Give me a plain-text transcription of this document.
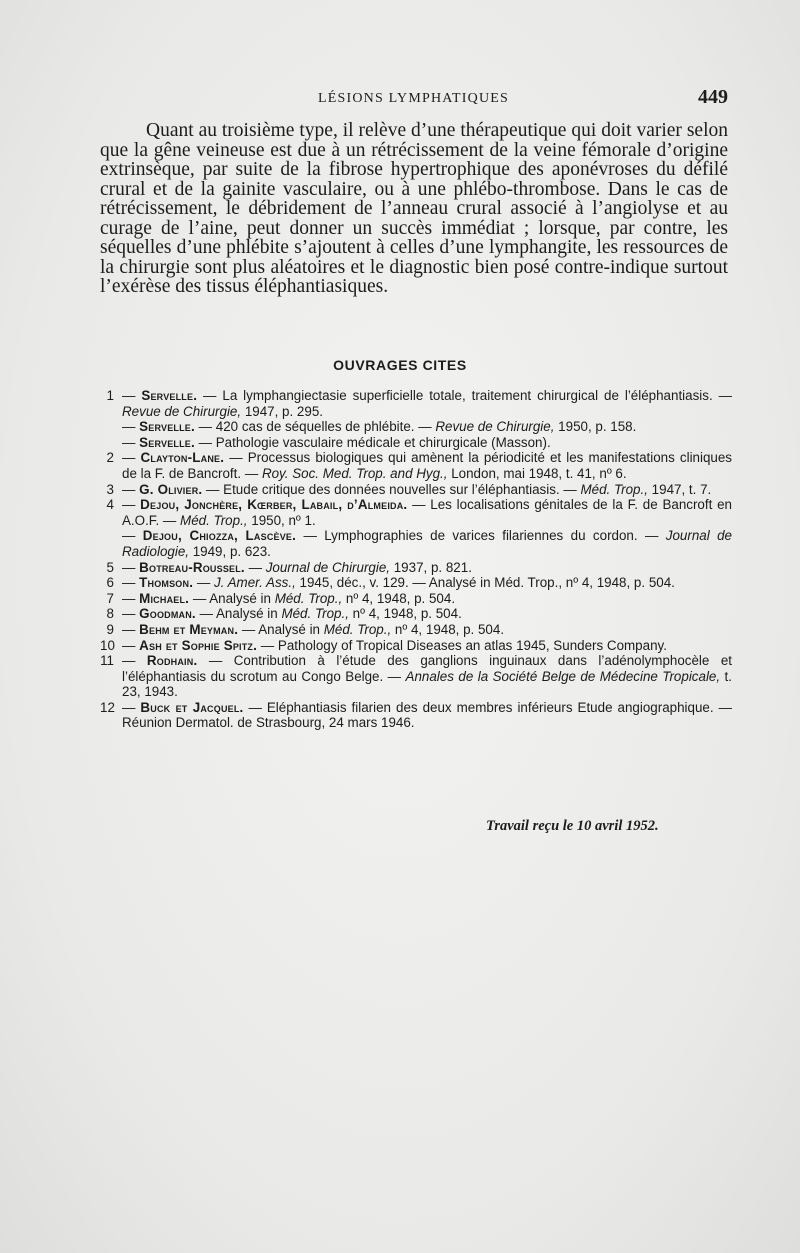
LÉSIONS LYMPHATIQUES	449

Quant au troisième type, il relève d’une thérapeutique qui doit varier selon que la gêne veineuse est due à un rétrécissement de la veine fémorale d’origine extrinsèque, par suite de la fibrose hypertrophique des aponévroses du défilé crural et de la gainite vasculaire, ou à une phlébo-thrombose. Dans le cas de rétrécissement, le débridement de l’anneau crural associé à l’angiolyse et au curage de l’aine, peut donner un succès immédiat ; lorsque, par contre, les séquelles d’une phlébite s’ajoutent à celles d’une lymphangite, les ressources de la chirurgie sont plus aléatoires et le diagnostic bien posé contre-indique surtout l’exérèse des tissus éléphantiasiques.

OUVRAGES CITES

1 — Servelle. — La lymphangiectasie superficielle totale, traitement chirurgical de l’éléphantiasis. — Revue de Chirurgie, 1947, p. 295.

— Servelle. — 420 cas de séquelles de phlébite. — Revue de Chirurgie, 1950, p. 158.

— Servelle. — Pathologie vasculaire médicale et chirurgicale (Masson).

2 — Clayton-Lane. — Processus biologiques qui amènent la périodicité et les manifestations cliniques de la F. de Bancroft. — Roy. Soc. Med. Trop. and Hyg., London, mai 1948, t. 41, nº 6.

3 — G. Olivier. — Etude critique des données nouvelles sur l’éléphantiasis. — Méd. Trop., 1947, t. 7.

4 — Dejou, Jonchère, Kœrber, Labail, d’Almeida. — Les localisations génitales de la F. de Bancroft en A.O.F. — Méd. Trop., 1950, nº 1.

— Dejou, Chiozza, Lascève. — Lymphographies de varices filariennes du cordon. — Journal de Radiologie, 1949, p. 623.

5 — Botreau-Roussel. — Journal de Chirurgie, 1937, p. 821.

6 — Thomson. — J. Amer. Ass., 1945, déc., v. 129. — Analysé in Méd. Trop., nº 4, 1948, p. 504.

7 — Michael. — Analysé in Méd. Trop., nº 4, 1948, p. 504.

8 — Goodman. — Analysé in Méd. Trop., nº 4, 1948, p. 504.

9 — Behm et Meyman. — Analysé in Méd. Trop., nº 4, 1948, p. 504.

10 — Ash et Sophie Spitz. — Pathology of Tropical Diseases an atlas 1945, Sunders Company.

11 — Rodhain. — Contribution à l’étude des ganglions inguinaux dans l’adénolymphocèle et l’éléphantiasis du scrotum au Congo Belge. — Annales de la Société Belge de Médecine Tropicale, t. 23, 1943.

12 — Buck et Jacquel. — Eléphantiasis filarien des deux membres inférieurs Etude angiographique. — Réunion Dermatol. de Strasbourg, 24 mars 1946.

Travail reçu le 10 avril 1952.
